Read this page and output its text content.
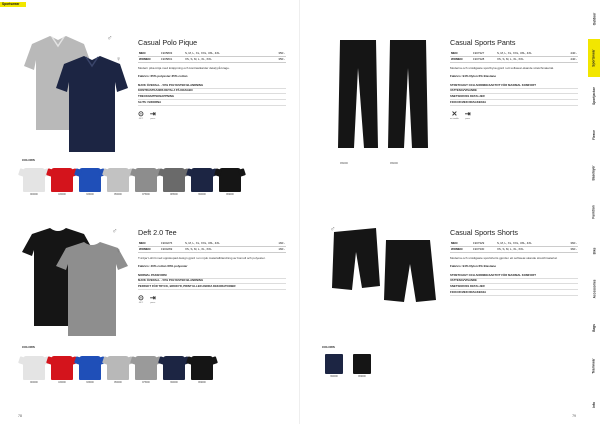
Sportswear
♂
♀
Casual Polo Pique
MEN	1905803	S, M, L, XL, XXL, 3XL, 4XL	350:-
WOMEN	1905801	XS, S, M, L, XL, XXL	350:-
Modern piké-tröja med knäppning och kontrastkarder detalj på krage.
Fabrics: 65% polyester 35% cotton
MJUK ÖVERALL - 50% POLYESTER BLANDNING
KONTRASTKANDS DETALJ PÅ KRAGEN
TRECKNAPPSKNAPPNING
SLITS I SIDORNA
⊙
40°C
⇥
press
COLORS
900000	430000	336000	950000	975000	985000	390000	999000
♂
♀
Deft 2.0 Tee
MEN	1904276	S, M, L, XL, XXL, 3XL, 4XL	160:-
WOMEN	1904269	XS, S, M, L, XL, XXL	160:-
T-tröja/ t-shirt med uppskopad design gjord i en mjuk materialblandning av bomull och polyester.
Fabrics: 40% cotton 60% polyester
NORMAL PASSFORM
MJUK ÖVERALL - 50% POLYESTER BLANDNING
PERFEKT FÖR TRYCK, BRODYR, PRINT ELLER ANDRA DEKORATIONER
⊙
40°C
⇥
press
COLORS
900000	430000	336000	950000	975000	390000	999000
78
999000	999000
Casual Sports Pants
MEN	1907327	S, M, L, XL, XXL, 3XL, 4XL	440:-
WOMEN	1907328	XS, S, M, L, XL, XXL	440:-
Moderna och smidigaste sportbyxa gjord i ett softwear-skande stretchmaterial.
Fabrics: 94% Nylon 6% Elastane
STRETCHIGT OCH ANDNINGSAKTIVT FÖR MAXIMAL KOMFORT
VATTENAVVISANDE
SNETSKROSS DETALJER
FICKOR MED DRAGKEDJA
✕
no tumble
⇥
press
♂	Casual Sports Shorts
MEN	1907329	S, M, L, XL, XXL, 3XL, 4XL	360:-
WOMEN	1907330	XS, S, M, L, XL, XXL	360:-
Moderna och smidigaste sportshorts gjorda i ett softwear-skande stretchmaterial.
Fabrics: 94% Nylon 6% Elastane
STRETCHIGT OCH ANDNINGSAKTIVT FÖR MAXIMAL KOMFORT
VATTENAVVISANDE
SNETSKROSS DETALJER
FICKOR MED DRAGKEDJA
COLORS
390000	999000
79
Outdoor
Sportswear
Sportjackor
Fleece
Baselayer
Funktion
Bike
Accessories
Bags
Teamwear
Info
